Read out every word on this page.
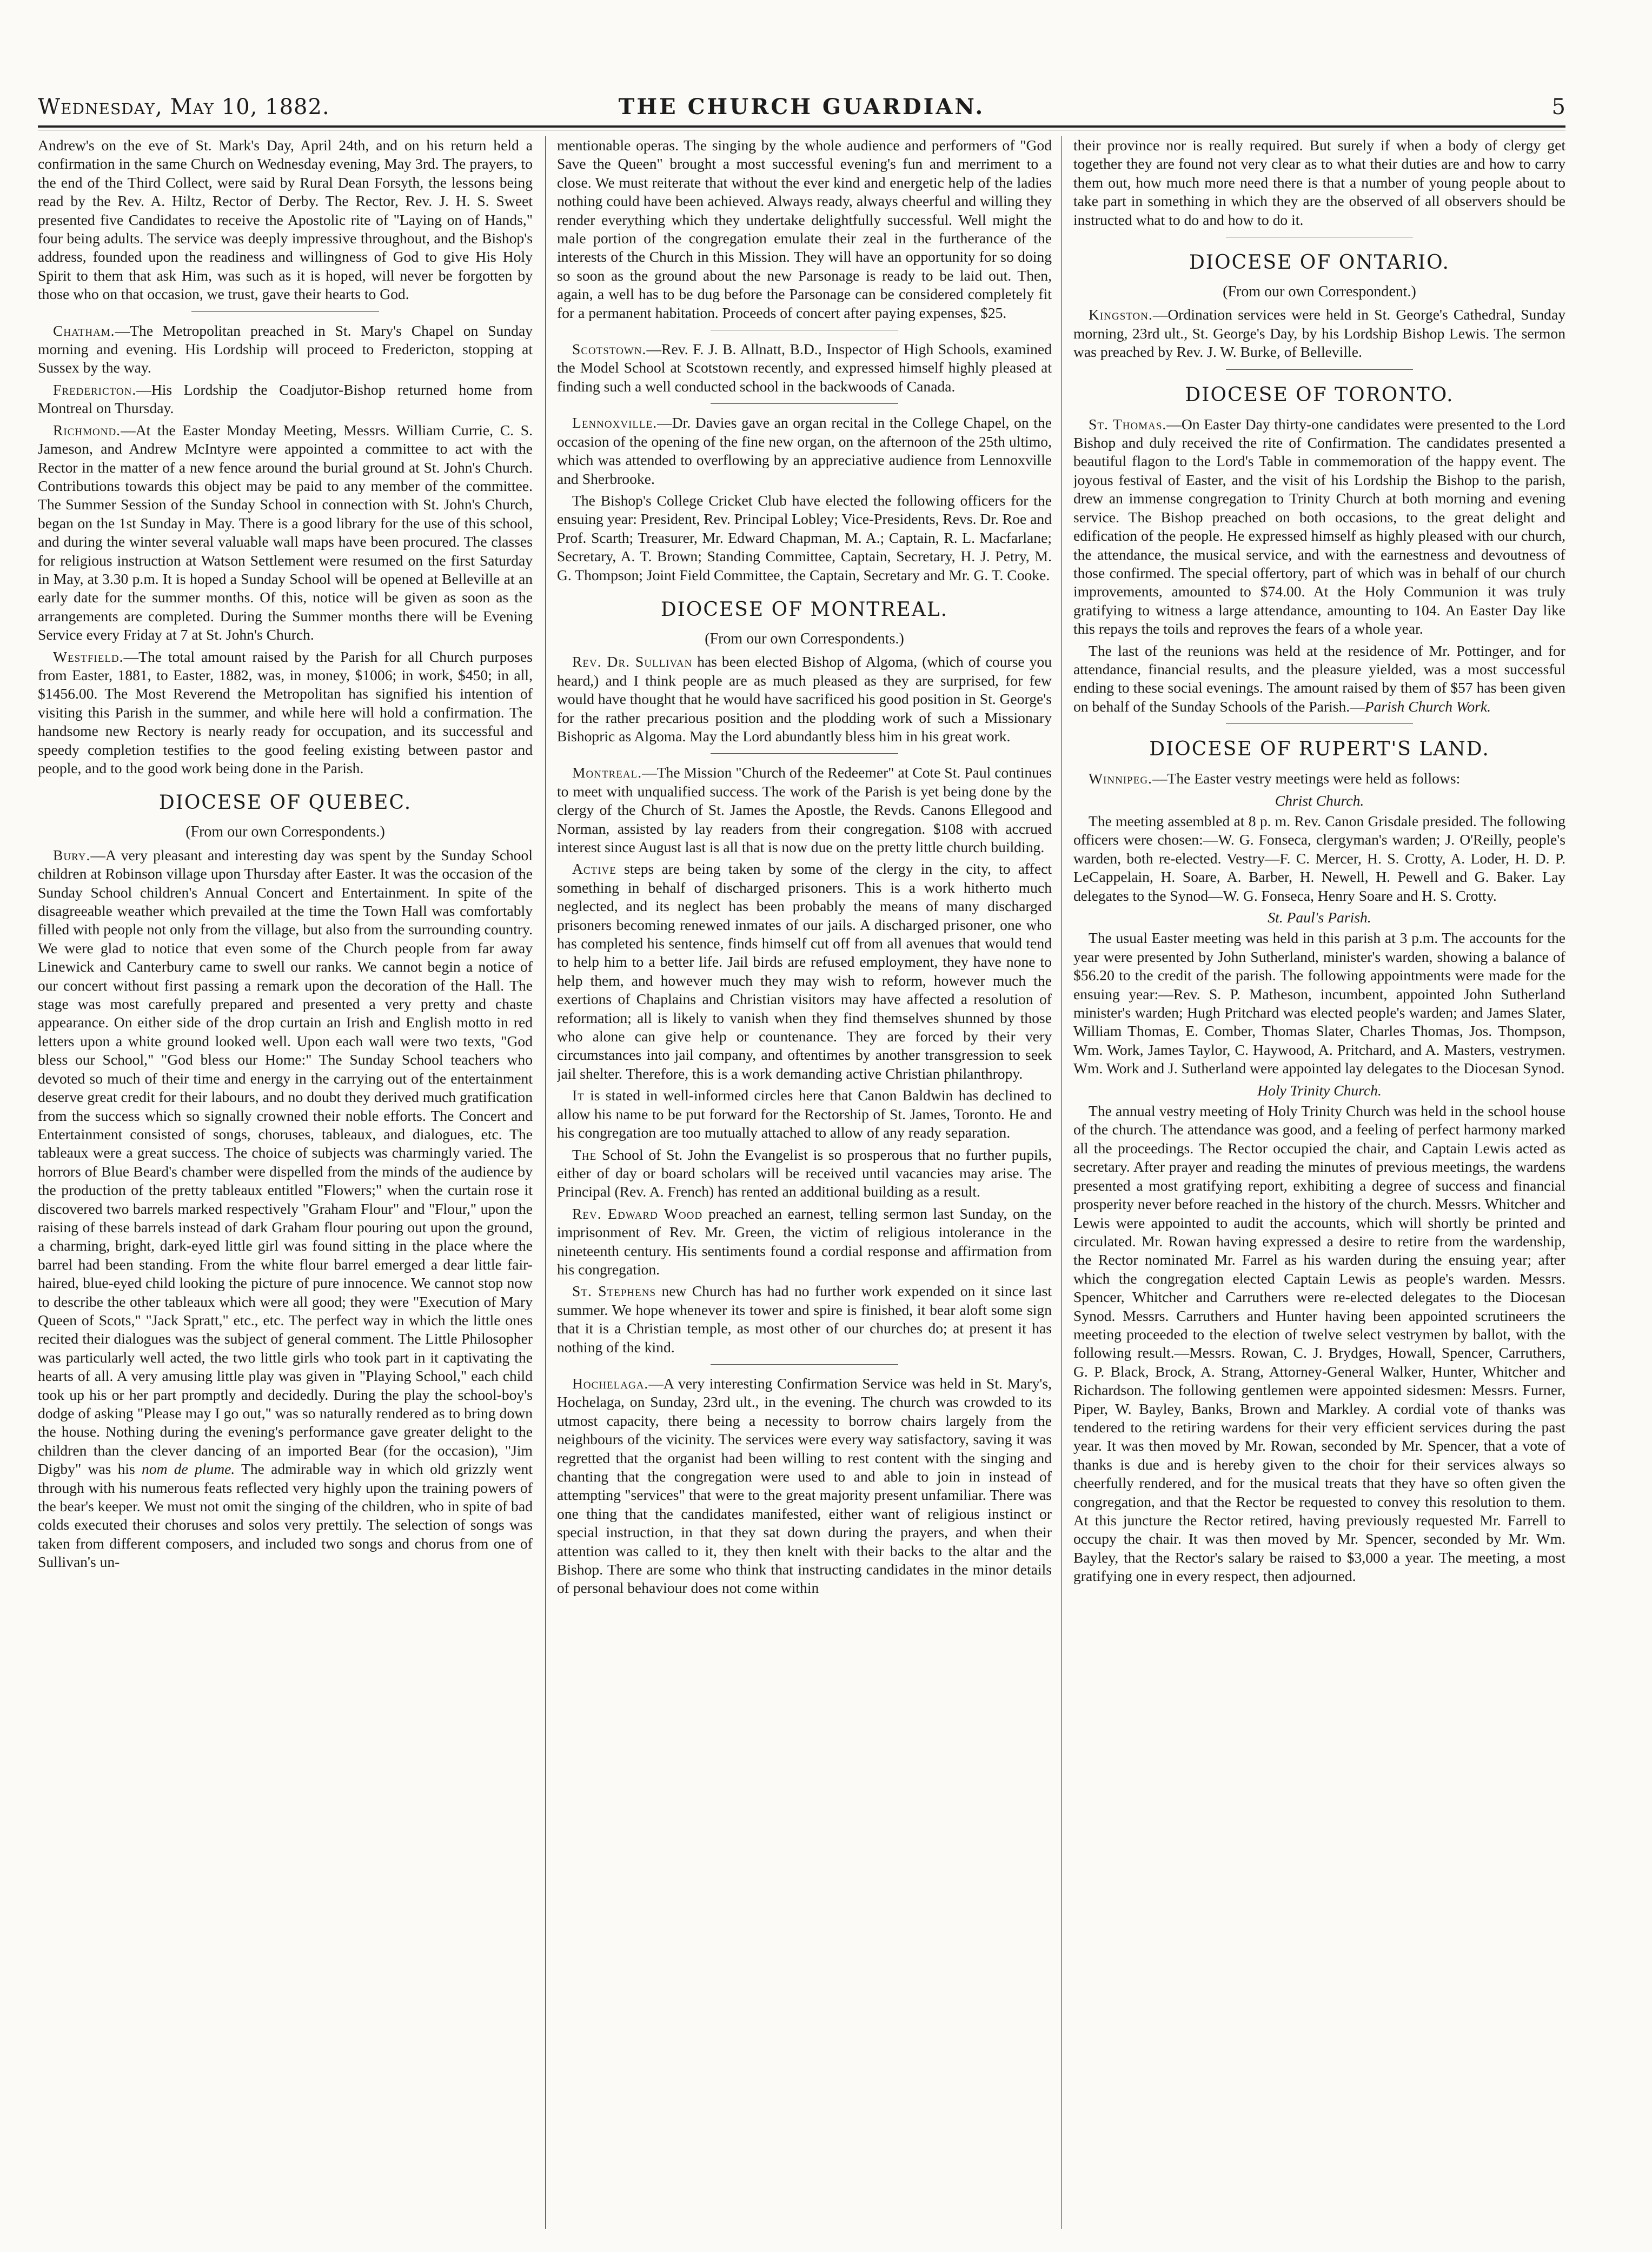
Wednesday, May 10, 1882.	THE CHURCH GUARDIAN.	5

Andrew's on the eve of St. Mark's Day, April 24th, and on his return held a confirmation in the same Church on Wednesday evening, May 3rd. The prayers, to the end of the Third Collect, were said by Rural Dean Forsyth, the lessons being read by the Rev. A. Hiltz, Rector of Derby. The Rector, Rev. J. H. S. Sweet presented five Candidates to receive the Apostolic rite of "Laying on of Hands," four being adults. The service was deeply impressive throughout, and the Bishop's address, founded upon the readiness and willingness of God to give His Holy Spirit to them that ask Him, was such as it is hoped, will never be forgotten by those who on that occasion, we trust, gave their hearts to God.

Chatham.—The Metropolitan preached in St. Mary's Chapel on Sunday morning and evening. His Lordship will proceed to Fredericton, stopping at Sussex by the way.

Fredericton.—His Lordship the Coadjutor-Bishop returned home from Montreal on Thursday.

Richmond.—At the Easter Monday Meeting, Messrs. William Currie, C. S. Jameson, and Andrew McIntyre were appointed a committee to act with the Rector in the matter of a new fence around the burial ground at St. John's Church. Contributions towards this object may be paid to any member of the committee. The Summer Session of the Sunday School in connection with St. John's Church, began on the 1st Sunday in May. There is a good library for the use of this school, and during the winter several valuable wall maps have been procured. The classes for religious instruction at Watson Settlement were resumed on the first Saturday in May, at 3.30 p.m. It is hoped a Sunday School will be opened at Belleville at an early date for the summer months. Of this, notice will be given as soon as the arrangements are completed. During the Summer months there will be Evening Service every Friday at 7 at St. John's Church.

Westfield.—The total amount raised by the Parish for all Church purposes from Easter, 1881, to Easter, 1882, was, in money, $1006; in work, $450; in all, $1456.00. The Most Reverend the Metropolitan has signified his intention of visiting this Parish in the summer, and while here will hold a confirmation. The handsome new Rectory is nearly ready for occupation, and its successful and speedy completion testifies to the good feeling existing between pastor and people, and to the good work being done in the Parish.

DIOCESE OF QUEBEC.
(From our own Correspondents.)

Bury.—A very pleasant and interesting day was spent by the Sunday School children at Robinson village upon Thursday after Easter. It was the occasion of the Sunday School children's Annual Concert and Entertainment. In spite of the disagreeable weather which prevailed at the time the Town Hall was comfortably filled with people not only from the village, but also from the surrounding country. We were glad to notice that even some of the Church people from far away Linewick and Canterbury came to swell our ranks. We cannot begin a notice of our concert without first passing a remark upon the decoration of the Hall. The stage was most carefully prepared and presented a very pretty and chaste appearance. On either side of the drop curtain an Irish and English motto in red letters upon a white ground looked well. Upon each wall were two texts, "God bless our School," "God bless our Home:" The Sunday School teachers who devoted so much of their time and energy in the carrying out of the entertainment deserve great credit for their labours, and no doubt they derived much gratification from the success which so signally crowned their noble efforts. The Concert and Entertainment consisted of songs, choruses, tableaux, and dialogues, etc. The tableaux were a great success. The choice of subjects was charmingly varied. The horrors of Blue Beard's chamber were dispelled from the minds of the audience by the production of the pretty tableaux entitled "Flowers;" when the curtain rose it discovered two barrels marked respectively "Graham Flour" and "Flour," upon the raising of these barrels instead of dark Graham flour pouring out upon the ground, a charming, bright, dark-eyed little girl was found sitting in the place where the barrel had been standing. From the white flour barrel emerged a dear little fair-haired, blue-eyed child looking the picture of pure innocence. We cannot stop now to describe the other tableaux which were all good; they were "Execution of Mary Queen of Scots," "Jack Spratt," etc., etc. The perfect way in which the little ones recited their dialogues was the subject of general comment. The Little Philosopher was particularly well acted, the two little girls who took part in it captivating the hearts of all. A very amusing little play was given in "Playing School," each child took up his or her part promptly and decidedly. During the play the school-boy's dodge of asking "Please may I go out," was so naturally rendered as to bring down the house. Nothing during the evening's performance gave greater delight to the children than the clever dancing of an imported Bear (for the occasion), "Jim Digby" was his nom de plume. The admirable way in which old grizzly went through with his numerous feats reflected very highly upon the training powers of the bear's keeper. We must not omit the singing of the children, who in spite of bad colds executed their choruses and solos very prettily. The selection of songs was taken from different composers, and included two songs and chorus from one of Sullivan's un-

mentionable operas. The singing by the whole audience and performers of "God Save the Queen" brought a most successful evening's fun and merriment to a close. We must reiterate that without the ever kind and energetic help of the ladies nothing could have been achieved. Always ready, always cheerful and willing they render everything which they undertake delightfully successful. Well might the male portion of the congregation emulate their zeal in the furtherance of the interests of the Church in this Mission. They will have an opportunity for so doing so soon as the ground about the new Parsonage is ready to be laid out. Then, again, a well has to be dug before the Parsonage can be considered completely fit for a permanent habitation. Proceeds of concert after paying expenses, $25.

Scotstown.—Rev. F. J. B. Allnatt, B.D., Inspector of High Schools, examined the Model School at Scotstown recently, and expressed himself highly pleased at finding such a well conducted school in the backwoods of Canada.

Lennoxville.—Dr. Davies gave an organ recital in the College Chapel, on the occasion of the opening of the fine new organ, on the afternoon of the 25th ultimo, which was attended to overflowing by an appreciative audience from Lennoxville and Sherbrooke.

The Bishop's College Cricket Club have elected the following officers for the ensuing year: President, Rev. Principal Lobley; Vice-Presidents, Revs. Dr. Roe and Prof. Scarth; Treasurer, Mr. Edward Chapman, M. A.; Captain, R. L. Macfarlane; Secretary, A. T. Brown; Standing Committee, Captain, Secretary, H. J. Petry, M. G. Thompson; Joint Field Committee, the Captain, Secretary and Mr. G. T. Cooke.

DIOCESE OF MONTREAL.
(From our own Correspondents.)

Rev. Dr. Sullivan has been elected Bishop of Algoma, (which of course you heard,) and I think people are as much pleased as they are surprised, for few would have thought that he would have sacrificed his good position in St. George's for the rather precarious position and the plodding work of such a Missionary Bishopric as Algoma. May the Lord abundantly bless him in his great work.

Montreal.—The Mission "Church of the Redeemer" at Cote St. Paul continues to meet with unqualified success. The work of the Parish is yet being done by the clergy of the Church of St. James the Apostle, the Revds. Canons Ellegood and Norman, assisted by lay readers from their congregation. $108 with accrued interest since August last is all that is now due on the pretty little church building.

Active steps are being taken by some of the clergy in the city, to affect something in behalf of discharged prisoners. This is a work hitherto much neglected, and its neglect has been probably the means of many discharged prisoners becoming renewed inmates of our jails. A discharged prisoner, one who has completed his sentence, finds himself cut off from all avenues that would tend to help him to a better life. Jail birds are refused employment, they have none to help them, and however much they may wish to reform, however much the exertions of Chaplains and Christian visitors may have affected a resolution of reformation; all is likely to vanish when they find themselves shunned by those who alone can give help or countenance. They are forced by their very circumstances into jail company, and oftentimes by another transgression to seek jail shelter. Therefore, this is a work demanding active Christian philanthropy.

It is stated in well-informed circles here that Canon Baldwin has declined to allow his name to be put forward for the Rectorship of St. James, Toronto. He and his congregation are too mutually attached to allow of any ready separation.

The School of St. John the Evangelist is so prosperous that no further pupils, either of day or board scholars will be received until vacancies may arise. The Principal (Rev. A. French) has rented an additional building as a result.

Rev. Edward Wood preached an earnest, telling sermon last Sunday, on the imprisonment of Rev. Mr. Green, the victim of religious intolerance in the nineteenth century. His sentiments found a cordial response and affirmation from his congregation.

St. Stephens new Church has had no further work expended on it since last summer. We hope whenever its tower and spire is finished, it bear aloft some sign that it is a Christian temple, as most other of our churches do; at present it has nothing of the kind.

Hochelaga.—A very interesting Confirmation Service was held in St. Mary's, Hochelaga, on Sunday, 23rd ult., in the evening. The church was crowded to its utmost capacity, there being a necessity to borrow chairs largely from the neighbours of the vicinity. The services were every way satisfactory, saving it was regretted that the organist had been willing to rest content with the singing and chanting that the congregation were used to and able to join in instead of attempting "services" that were to the great majority present unfamiliar. There was one thing that the candidates manifested, either want of religious instinct or special instruction, in that they sat down during the prayers, and when their attention was called to it, they then knelt with their backs to the altar and the Bishop. There are some who think that instructing candidates in the minor details of personal behaviour does not come within

their province nor is really required. But surely if when a body of clergy get together they are found not very clear as to what their duties are and how to carry them out, how much more need there is that a number of young people about to take part in something in which they are the observed of all observers should be instructed what to do and how to do it.

DIOCESE OF ONTARIO.
(From our own Correspondent.)

Kingston.—Ordination services were held in St. George's Cathedral, Sunday morning, 23rd ult., St. George's Day, by his Lordship Bishop Lewis. The sermon was preached by Rev. J. W. Burke, of Belleville.

DIOCESE OF TORONTO.

St. Thomas.—On Easter Day thirty-one candidates were presented to the Lord Bishop and duly received the rite of Confirmation. The candidates presented a beautiful flagon to the Lord's Table in commemoration of the happy event. The joyous festival of Easter, and the visit of his Lordship the Bishop to the parish, drew an immense congregation to Trinity Church at both morning and evening service. The Bishop preached on both occasions, to the great delight and edification of the people. He expressed himself as highly pleased with our church, the attendance, the musical service, and with the earnestness and devoutness of those confirmed. The special offertory, part of which was in behalf of our church improvements, amounted to $74.00. At the Holy Communion it was truly gratifying to witness a large attendance, amounting to 104. An Easter Day like this repays the toils and reproves the fears of a whole year.

The last of the reunions was held at the residence of Mr. Pottinger, and for attendance, financial results, and the pleasure yielded, was a most successful ending to these social evenings. The amount raised by them of $57 has been given on behalf of the Sunday Schools of the Parish.—Parish Church Work.

DIOCESE OF RUPERT'S LAND.

Winnipeg.—The Easter vestry meetings were held as follows:

Christ Church.

The meeting assembled at 8 p. m. Rev. Canon Grisdale presided. The following officers were chosen:—W. G. Fonseca, clergyman's warden; J. O'Reilly, people's warden, both re-elected. Vestry—F. C. Mercer, H. S. Crotty, A. Loder, H. D. P. LeCappelain, H. Soare, A. Barber, H. Newell, H. Pewell and G. Baker. Lay delegates to the Synod—W. G. Fonseca, Henry Soare and H. S. Crotty.

St. Paul's Parish.

The usual Easter meeting was held in this parish at 3 p.m. The accounts for the year were presented by John Sutherland, minister's warden, showing a balance of $56.20 to the credit of the parish. The following appointments were made for the ensuing year:—Rev. S. P. Matheson, incumbent, appointed John Sutherland minister's warden; Hugh Pritchard was elected people's warden; and James Slater, William Thomas, E. Comber, Thomas Slater, Charles Thomas, Jos. Thompson, Wm. Work, James Taylor, C. Haywood, A. Pritchard, and A. Masters, vestrymen. Wm. Work and J. Sutherland were appointed lay delegates to the Diocesan Synod.

Holy Trinity Church.

The annual vestry meeting of Holy Trinity Church was held in the school house of the church. The attendance was good, and a feeling of perfect harmony marked all the proceedings. The Rector occupied the chair, and Captain Lewis acted as secretary. After prayer and reading the minutes of previous meetings, the wardens presented a most gratifying report, exhibiting a degree of success and financial prosperity never before reached in the history of the church. Messrs. Whitcher and Lewis were appointed to audit the accounts, which will shortly be printed and circulated. Mr. Rowan having expressed a desire to retire from the wardenship, the Rector nominated Mr. Farrel as his warden during the ensuing year; after which the congregation elected Captain Lewis as people's warden. Messrs. Spencer, Whitcher and Carruthers were re-elected delegates to the Diocesan Synod. Messrs. Carruthers and Hunter having been appointed scrutineers the meeting proceeded to the election of twelve select vestrymen by ballot, with the following result.—Messrs. Rowan, C. J. Brydges, Howall, Spencer, Carruthers, G. P. Black, Brock, A. Strang, Attorney-General Walker, Hunter, Whitcher and Richardson. The following gentlemen were appointed sidesmen: Messrs. Furner, Piper, W. Bayley, Banks, Brown and Markley. A cordial vote of thanks was tendered to the retiring wardens for their very efficient services during the past year. It was then moved by Mr. Rowan, seconded by Mr. Spencer, that a vote of thanks is due and is hereby given to the choir for their services always so cheerfully rendered, and for the musical treats that they have so often given the congregation, and that the Rector be requested to convey this resolution to them. At this juncture the Rector retired, having previously requested Mr. Farrell to occupy the chair. It was then moved by Mr. Spencer, seconded by Mr. Wm. Bayley, that the Rector's salary be raised to $3,000 a year. The meeting, a most gratifying one in every respect, then adjourned.
